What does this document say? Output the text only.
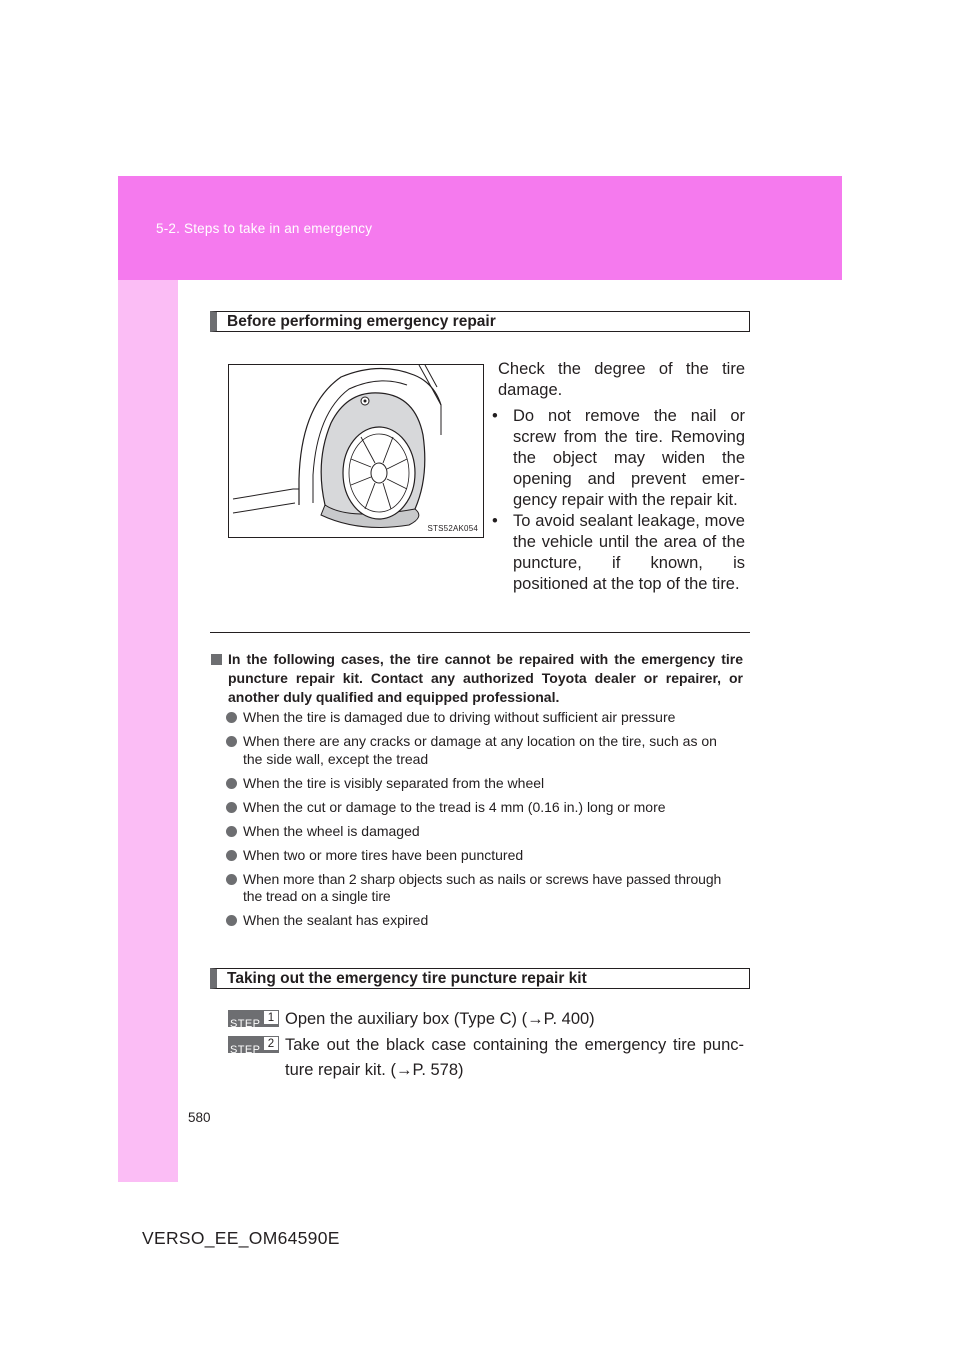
5-2. Steps to take in an emergency
Before performing emergency repair
STS52AK054
Check the degree of the tire damage.
• Do not remove the nail or screw from the tire. Removing the object may widen the opening and prevent emer-gency repair with the repair kit.
• To avoid sealant leakage, move the vehicle until the area of the puncture, if known, is positioned at the top of the tire.
In the following cases, the tire cannot be repaired with the emergency tire puncture repair kit. Contact any authorized Toyota dealer or repairer, or another duly qualified and equipped professional.
When the tire is damaged due to driving without sufficient air pressure
When there are any cracks or damage at any location on the tire, such as on the side wall, except the tread
When the tire is visibly separated from the wheel
When the cut or damage to the tread is 4 mm (0.16 in.) long or more
When the wheel is damaged
When two or more tires have been punctured
When more than 2 sharp objects such as nails or screws have passed through the tread on a single tire
When the sealant has expired
Taking out the emergency tire puncture repair kit
STEP 1 Open the auxiliary box (Type C) (→P. 400)
STEP 2 Take out the black case containing the emergency tire punc-ture repair kit. (→P. 578)
580
VERSO_EE_OM64590E
